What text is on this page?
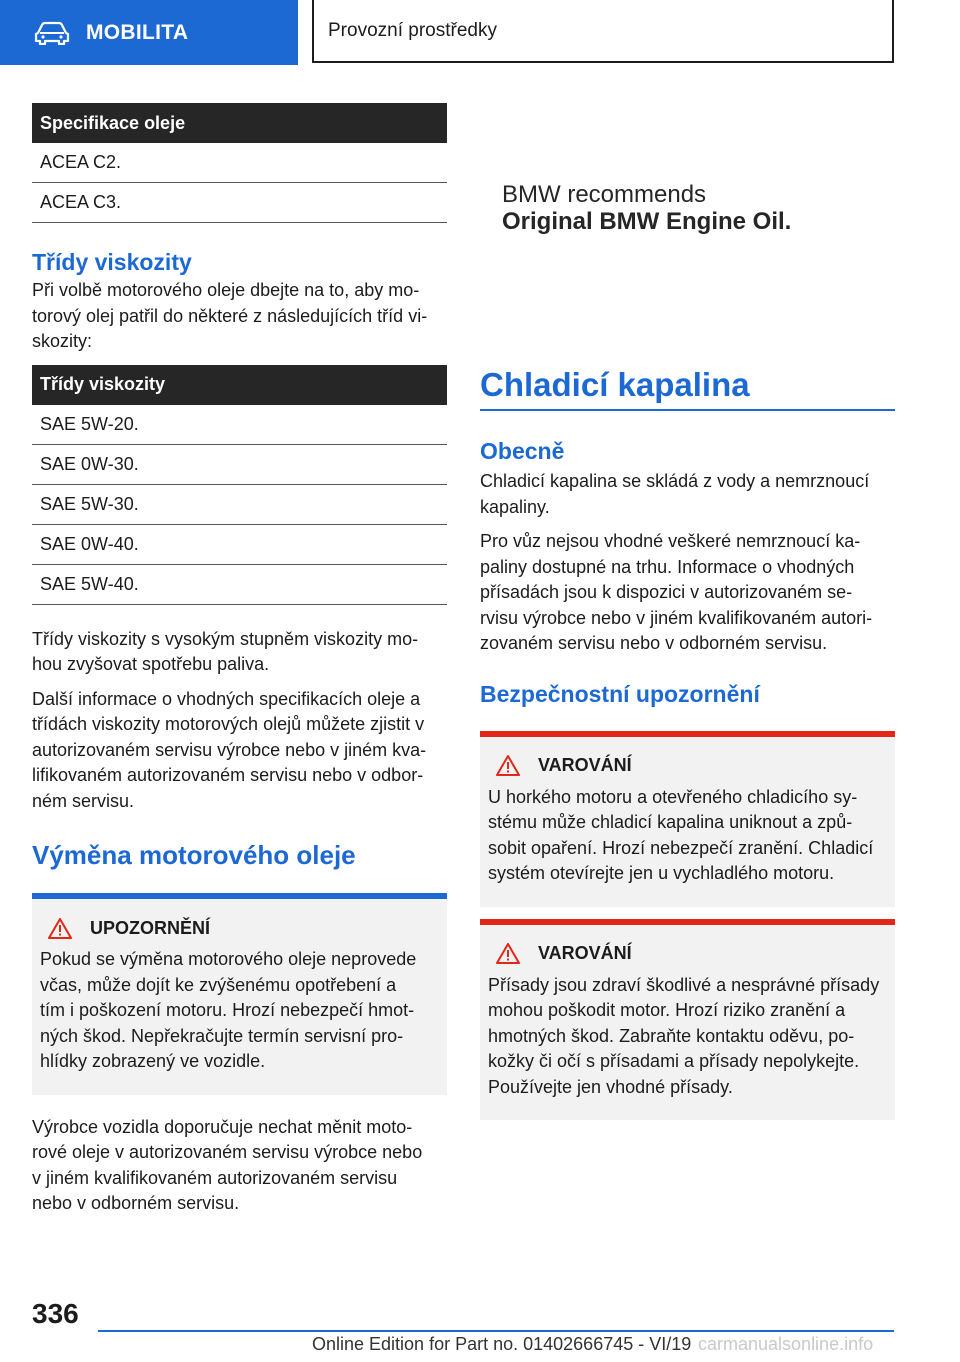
MOBILITA	Provozní prostředky
Specifikace oleje
ACEA C2.
ACEA C3.
Třídy viskozity

Při volbě motorového oleje dbejte na to, aby mo-
torový olej patřil do některé z následujících tříd vi-
skozity:

Třídy viskozity
SAE 5W-20.
SAE 0W-30.
SAE 5W-30.
SAE 0W-40.
SAE 5W-40.

Třídy viskozity s vysokým stupněm viskozity mo-
hou zvyšovat spotřebu paliva.

Další informace o vhodných specifikacích oleje a
třídách viskozity motorových olejů můžete zjistit v
autorizovaném servisu výrobce nebo v jiném kva-
lifikovaném autorizovaném servisu nebo v odbor-
ném servisu.

Výměna motorového oleje
UPOZORNĚNÍ

Pokud se výměna motorového oleje neprovede
včas, může dojít ke zvýšenému opotřebení a
tím i poškození motoru. Hrozí nebezpečí hmot-
ných škod. Nepřekračujte termín servisní pro-
hlídky zobrazený ve vozidle.

Výrobce vozidla doporučuje nechat měnit moto-
rové oleje v autorizovaném servisu výrobce nebo
v jiném kvalifikovaném autorizovaném servisu
nebo v odborném servisu.

BMW recommends
Original BMW Engine Oil.
Chladicí kapalina
Obecně

Chladicí kapalina se skládá z vody a nemrznoucí
kapaliny.

Pro vůz nejsou vhodné veškeré nemrznoucí ka-
paliny dostupné na trhu. Informace o vhodných
přísadách jsou k dispozici v autorizovaném se-
rvisu výrobce nebo v jiném kvalifikovaném autori-
zovaném servisu nebo v odborném servisu.

Bezpečnostní upozornění
VAROVÁNÍ

U horkého motoru a otevřeného chladicího sy-
stému může chladicí kapalina uniknout a způ-
sobit opaření. Hrozí nebezpečí zranění. Chladicí
systém otevírejte jen u vychladlého motoru.

VAROVÁNÍ

Přísady jsou zdraví škodlivé a nesprávné přísady
mohou poškodit motor. Hrozí riziko zranění a
hmotných škod. Zabraňte kontaktu oděvu, po-
kožky či očí s přísadami a přísady nepolykejte.
Používejte jen vhodné přísady.

336
Online Edition for Part no. 01402666745 - VI/19 carmanualsonline.info
